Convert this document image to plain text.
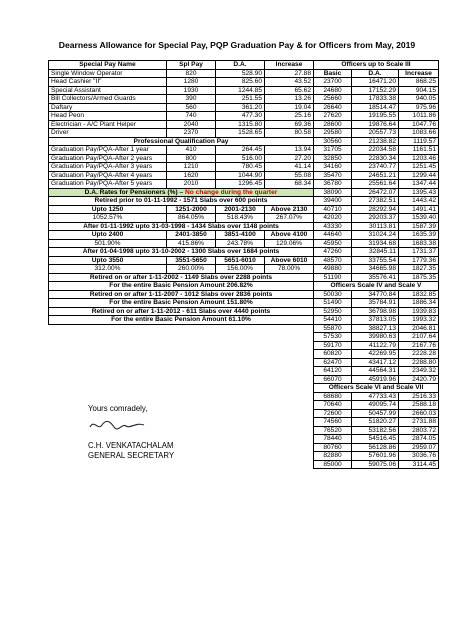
Dearness Allowance for Special Pay, PQP Graduation Pay & for Officers from May, 2019
Special Pay Name	Spl Pay	D.A.	Increase
Single Window Operator	820	528.90	27.88
Head Cashier "II"	1280	825.60	43.52
Special Assistant	1930	1244.85	65.62
Bill Collectors/Armed Guards	390	251.55	13.26
Daftary	560	361.20	19.04
Head Peon	740	477.30	25.16
Electrician - A/C Plant Helper	2040	1315.80	69.36
Driver	2370	1528.65	80.58
Professional Qualification Pay			
Graduation Pay/PQA-After 1 year	410	264.45	13.94
Graduation Pay/PQA-After 2 years	800	516.00	27.20
Graduation Pay/PQA-After 3 years	1210	780.45	41.14
Graduation Pay/PQA-After 4 years	1620	1044.90	55.08
Graduation Pay/PQA-After 5 years	2010	1296.45	68.34
D.A. Rates for Pensioners (%) – No change during the quarter			
Retired prior to 01-11-1992 - 1571 Slabs over 600 points			
Upto 1250	1251-2000	2001-2130	Above 2130
1052.57%	864.05%	518.43%	267.07%
After 01-11-1992 upto 31-03-1998 - 1434 Slabs over 1148 points			
Upto 2400	2401-3850	3851-4100	Above 4100
501.90%	415.86%	243.78%	129.06%
After 01-04-1998 upto 31-10-2002 - 1300 Slabs over 1684 points			
Upto 3550	3551-5650	5651-6010	Above 6010
312.00%	260.00%	156.00%	78.00%
Retired on or after 1-11-2002 - 1149 Slabs over 2288 points			
For the entire Basic Pension Amount 206.82%			
Retired on or after 1-11-2007 - 1012 Slabs over 2836 points			
For the entire Basic Pension Amount 151.80%			
Retired on or after 1-11-2012 - 611 Slabs over 4440 points			
For the entire Basic Pension Amount 61.10%			
Officers up to Scale III		
Basic	D.A.	Increase
23700	16471.20	868.25
24680	17152.29	904.15
25660	17833.38	940.05
26640	18514.47	975.96
27620	19195.55	1011.86
28600	19876.64	1047.76
29580	20557.73	1083.66
30560	21238.82	1119.57
31705	22034.58	1161.51
32850	22830.34	1203.46
34160	23740.77	1251.45
35470	24651.21	1299.44
36780	25561.64	1347.44
38090	26472.07	1395.43
39400	27382.51	1443.42
40710	28292.94	1491.41
42020	29203.37	1539.40
43330	30113.81	1587.39
44640	31024.24	1635.39
45950	31934.68	1683.38
47260	32845.11	1731.37
48570	33755.54	1779.36
49880	34665.98	1827.35
51190	35576.41	1875.35
Officers Scale IV and Scale V		
50030	34770.84	1832.85
51490	35784.91	1886.34
52950	36798.98	1939.83
54410	37813.05	1993.32
55870	38827.13	2046.81
57530	39980.63	2107.64
59170	41122.79	2167.76
60820	42269.95	2228.28
62470	43417.12	2288.80
64120	44564.31	2349.32
66070	45919.96	2420.79
Officers Scale VI and Scale VII		
68680	47733.43	2516.33
70640	49095.74	2588.18
72600	50457.99	2660.03
74560	51820.27	2731.88
76520	53182.56	2803.72
78440	54516.45	2874.05
80760	56128.86	2959.07
82880	57601.96	3036.76
85000	59075.06	3114.45
Yours comradely,
C.H. VENKATACHALAM
GENERAL SECRETARY
